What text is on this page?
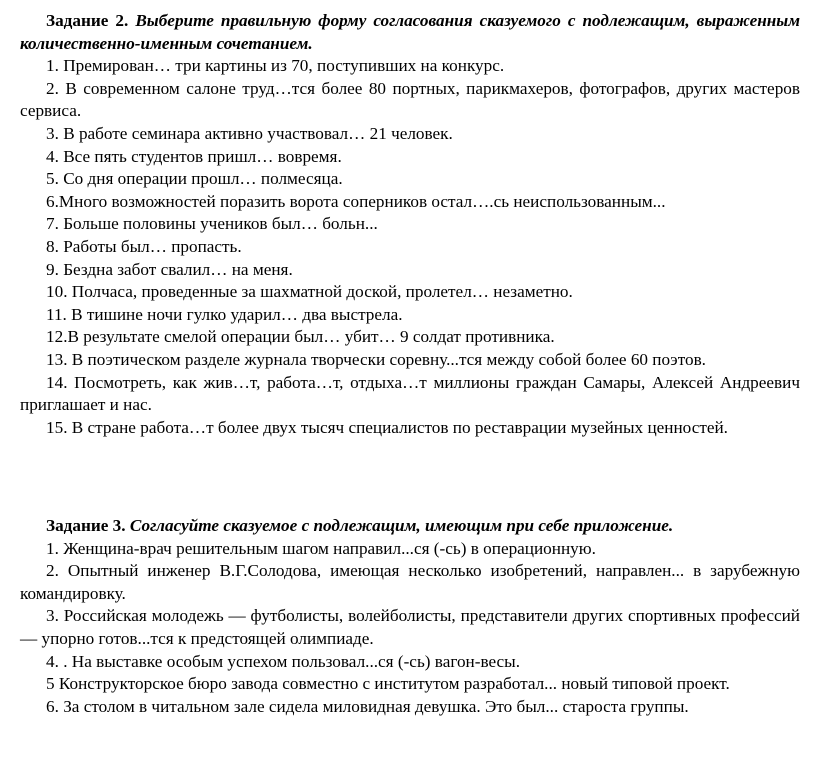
Задание 2. Выберите правильную форму согласования сказуемого с подлежащим, выраженным количественно-именным сочетанием.

1. Премирован… три картины из 70, поступивших на конкурс.

2. В современном салоне труд…тся более 80 портных, парикмахеров, фотографов, других мастеров сервиса.

3. В работе семинара активно участвовал… 21 человек.

4. Все пять студентов пришл… вовремя.

5. Со дня операции прошл… полмесяца.

6.Много возможностей поразить ворота соперников остал….сь неиспользованным...

7. Больше половины учеников был… больн...

8. Работы был… пропасть.

9. Бездна забот свалил… на меня.

10. Полчаса, проведенные за шахматной доской, пролетел… незаметно.

11. В тишине ночи гулко ударил… два выстрела.

12.В результате смелой операции был… убит… 9 солдат противника.

13. В поэтическом разделе журнала творчески соревну...тся между собой более 60 поэтов.

14. Посмотреть, как жив…т, работа…т, отдыха…т миллионы граждан Самары, Алексей Андреевич приглашает и нас.

15. В стране работа…т более двух тысяч специалистов по реставрации музейных ценностей.

Задание 3. Согласуйте сказуемое с подлежащим, имеющим при себе приложение.

1. Женщина-врач решительным шагом направил...ся (-сь) в операционную.

2. Опытный инженер В.Г.Солодова, имеющая несколько изобретений, направлен... в зарубежную командировку.

3. Российская молодежь — футболисты, волейболисты, представители других спортивных профессий — упорно готов...тся к предстоящей олимпиаде.

4. . На выставке особым успехом пользовал...ся (-сь) вагон-весы.

5 Конструкторское бюро завода совместно с институтом разработал... новый типовой проект.

6. За столом в читальном зале сидела миловидная девушка. Это был... староста группы.
